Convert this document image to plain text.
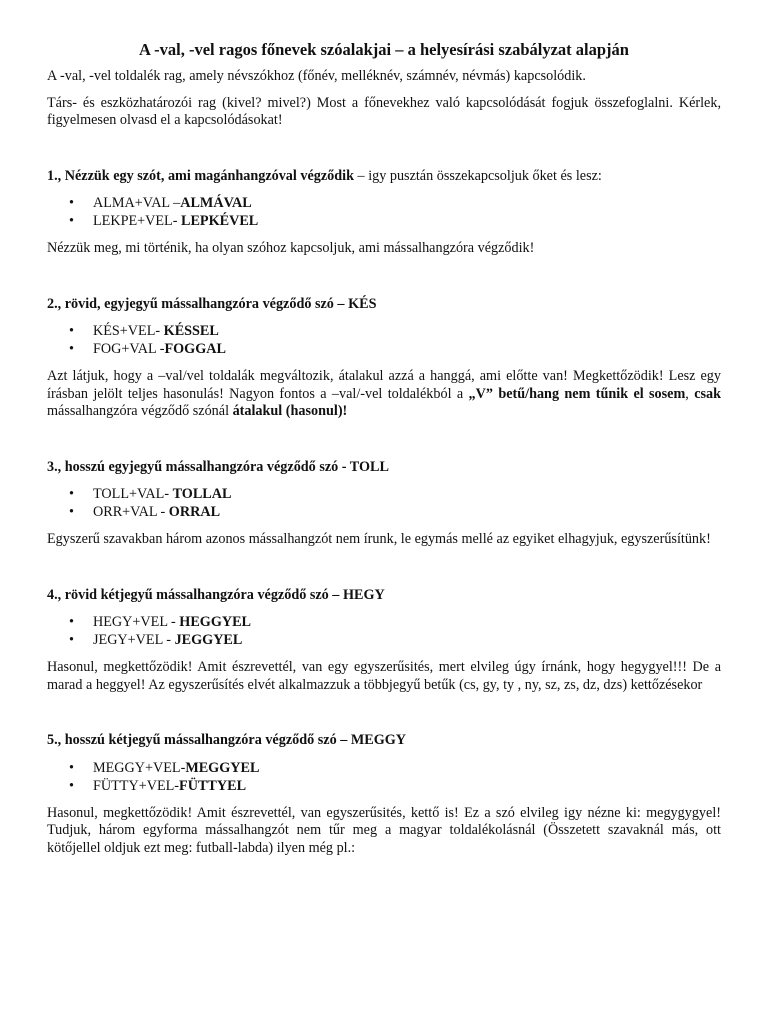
A -val, -vel ragos főnevek szóalakjai – a helyesírási szabályzat alapján

A -val, -vel toldalék rag, amely névszókhoz (főnév, melléknév, számnév, névmás) kapcsolódik.

Társ- és eszközhatározói rag (kivel? mivel?) Most a főnevekhez való kapcsolódását fogjuk összefoglalni. Kérlek, figyelmesen olvasd el a kapcsolódásokat!

1., Nézzük egy szót, ami magánhangzóval végződik – igy pusztán összekapcsoljuk őket és lesz:

• ALMA+VAL –ALMÁVAL
• LEKPE+VEL- LEPKÉVEL

Nézzük meg, mi történik, ha olyan szóhoz kapcsoljuk, ami mássalhangzóra végződik!

2., rövid, egyjegyű mássalhangzóra végződő szó – KÉS

• KÉS+VEL- KÉSSEL
• FOG+VAL -FOGGAL

Azt látjuk, hogy a –val/vel toldalák megváltozik, átalakul azzá a hanggá, ami előtte van! Megkettőzödik! Lesz egy írásban jelölt teljes hasonulás! Nagyon fontos a –val/-vel toldalékból a „V” betű/hang nem tűnik el sosem, csak mássalhangzóra végződő szónál átalakul (hasonul)!

3., hosszú egyjegyű mássalhangzóra végződő szó - TOLL

• TOLL+VAL- TOLLAL
• ORR+VAL - ORRAL

Egyszerű szavakban három azonos mássalhangzót nem írunk, le egymás mellé az egyiket elhagyjuk, egyszerűsítünk!

4., rövid kétjegyű mássalhangzóra végződő szó – HEGY

• HEGY+VEL - HEGGYEL
• JEGY+VEL - JEGGYEL

Hasonul, megkettőzödik! Amit észrevettél, van egy egyszerűsités, mert elvileg úgy írnánk, hogy hegygyel!!! De a marad a heggyel! Az egyszerűsítés elvét alkalmazzuk a többjegyű betűk (cs, gy, ty , ny, sz, zs, dz, dzs) kettőzésekor

5., hosszú kétjegyű mássalhangzóra végződő szó – MEGGY

• MEGGY+VEL-MEGGYEL
• FÜTTY+VEL-FÜTTYEL

Hasonul, megkettőzödik! Amit észrevettél, van egyszerűsités, kettő is! Ez a szó elvileg igy nézne ki: megygygyel! Tudjuk, három egyforma mássalhangzót nem tűr meg a magyar toldalékolásnál (Összetett szavaknál más, ott kötőjellel oldjuk ezt meg: futball-labda) ilyen még pl.:
